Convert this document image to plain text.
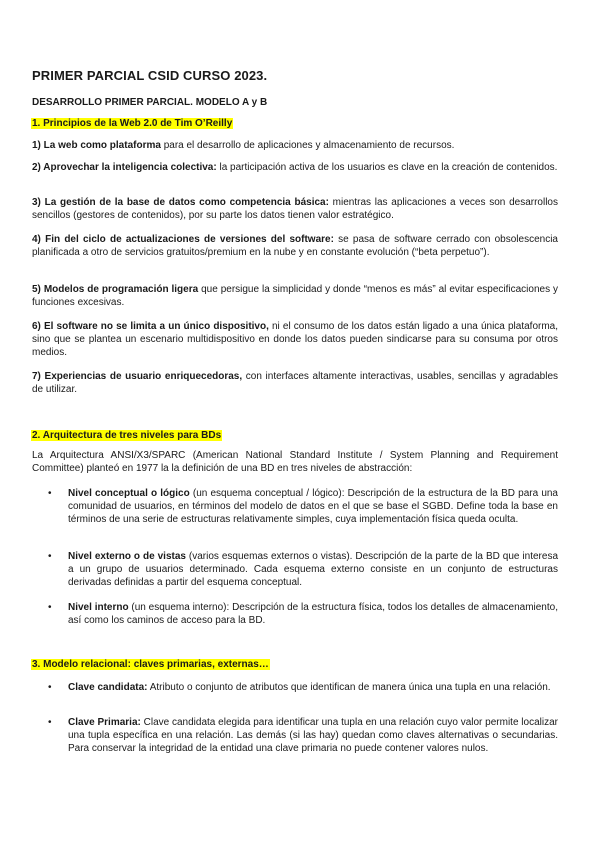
PRIMER PARCIAL CSID CURSO 2023.
DESARROLLO PRIMER PARCIAL. MODELO A y B
1. Principios de la Web 2.0 de Tim O’Reilly
1) La web como plataforma para el desarrollo de aplicaciones y almacenamiento de recursos.
2) Aprovechar la inteligencia colectiva: la participación activa de los usuarios es clave en la creación de contenidos.
3) La gestión de la base de datos como competencia básica: mientras las aplicaciones a veces son desarrollos sencillos (gestores de contenidos), por su parte los datos tienen valor estratégico.
4) Fin del ciclo de actualizaciones de versiones del software: se pasa de software cerrado con obsolescencia planificada a otro de servicios gratuitos/premium en la nube y en constante evolución (“beta perpetuo”).
5) Modelos de programación ligera que persigue la simplicidad y donde “menos es más” al evitar especificaciones y funciones excesivas.
6) El software no se limita a un único dispositivo, ni el consumo de los datos están ligado a una única plataforma, sino que se plantea un escenario multidispositivo en donde los datos pueden sindicarse para su consuma por otros medios.
7) Experiencias de usuario enriquecedoras, con interfaces altamente interactivas, usables, sencillas y agradables de utilizar.
2. Arquitectura de tres niveles para BDs
La Arquitectura ANSI/X3/SPARC (American National Standard Institute / System Planning and Requirement Committee) planteó en 1977 la la definición de una BD en tres niveles de abstracción:
• Nivel conceptual o lógico (un esquema conceptual / lógico): Descripción de la estructura de la BD para una comunidad de usuarios, en términos del modelo de datos en el que se base el SGBD. Define toda la base en términos de una serie de estructuras relativamente simples, cuya implementación física queda oculta.
• Nivel externo o de vistas (varios esquemas externos o vistas). Descripción de la parte de la BD que interesa a un grupo de usuarios determinado. Cada esquema externo consiste en un conjunto de estructuras derivadas definidas a partir del esquema conceptual.
• Nivel interno (un esquema interno): Descripción de la estructura física, todos los detalles de almacenamiento, así como los caminos de acceso para la BD.
3. Modelo relacional: claves primarias, externas…
• Clave candidata: Atributo o conjunto de atributos que identifican de manera única una tupla en una relación.
• Clave Primaria: Clave candidata elegida para identificar una tupla en una relación cuyo valor permite localizar una tupla específica en una relación. Las demás (si las hay) quedan como claves alternativas o secundarias. Para conservar la integridad de la entidad una clave primaria no puede contener valores nulos.
